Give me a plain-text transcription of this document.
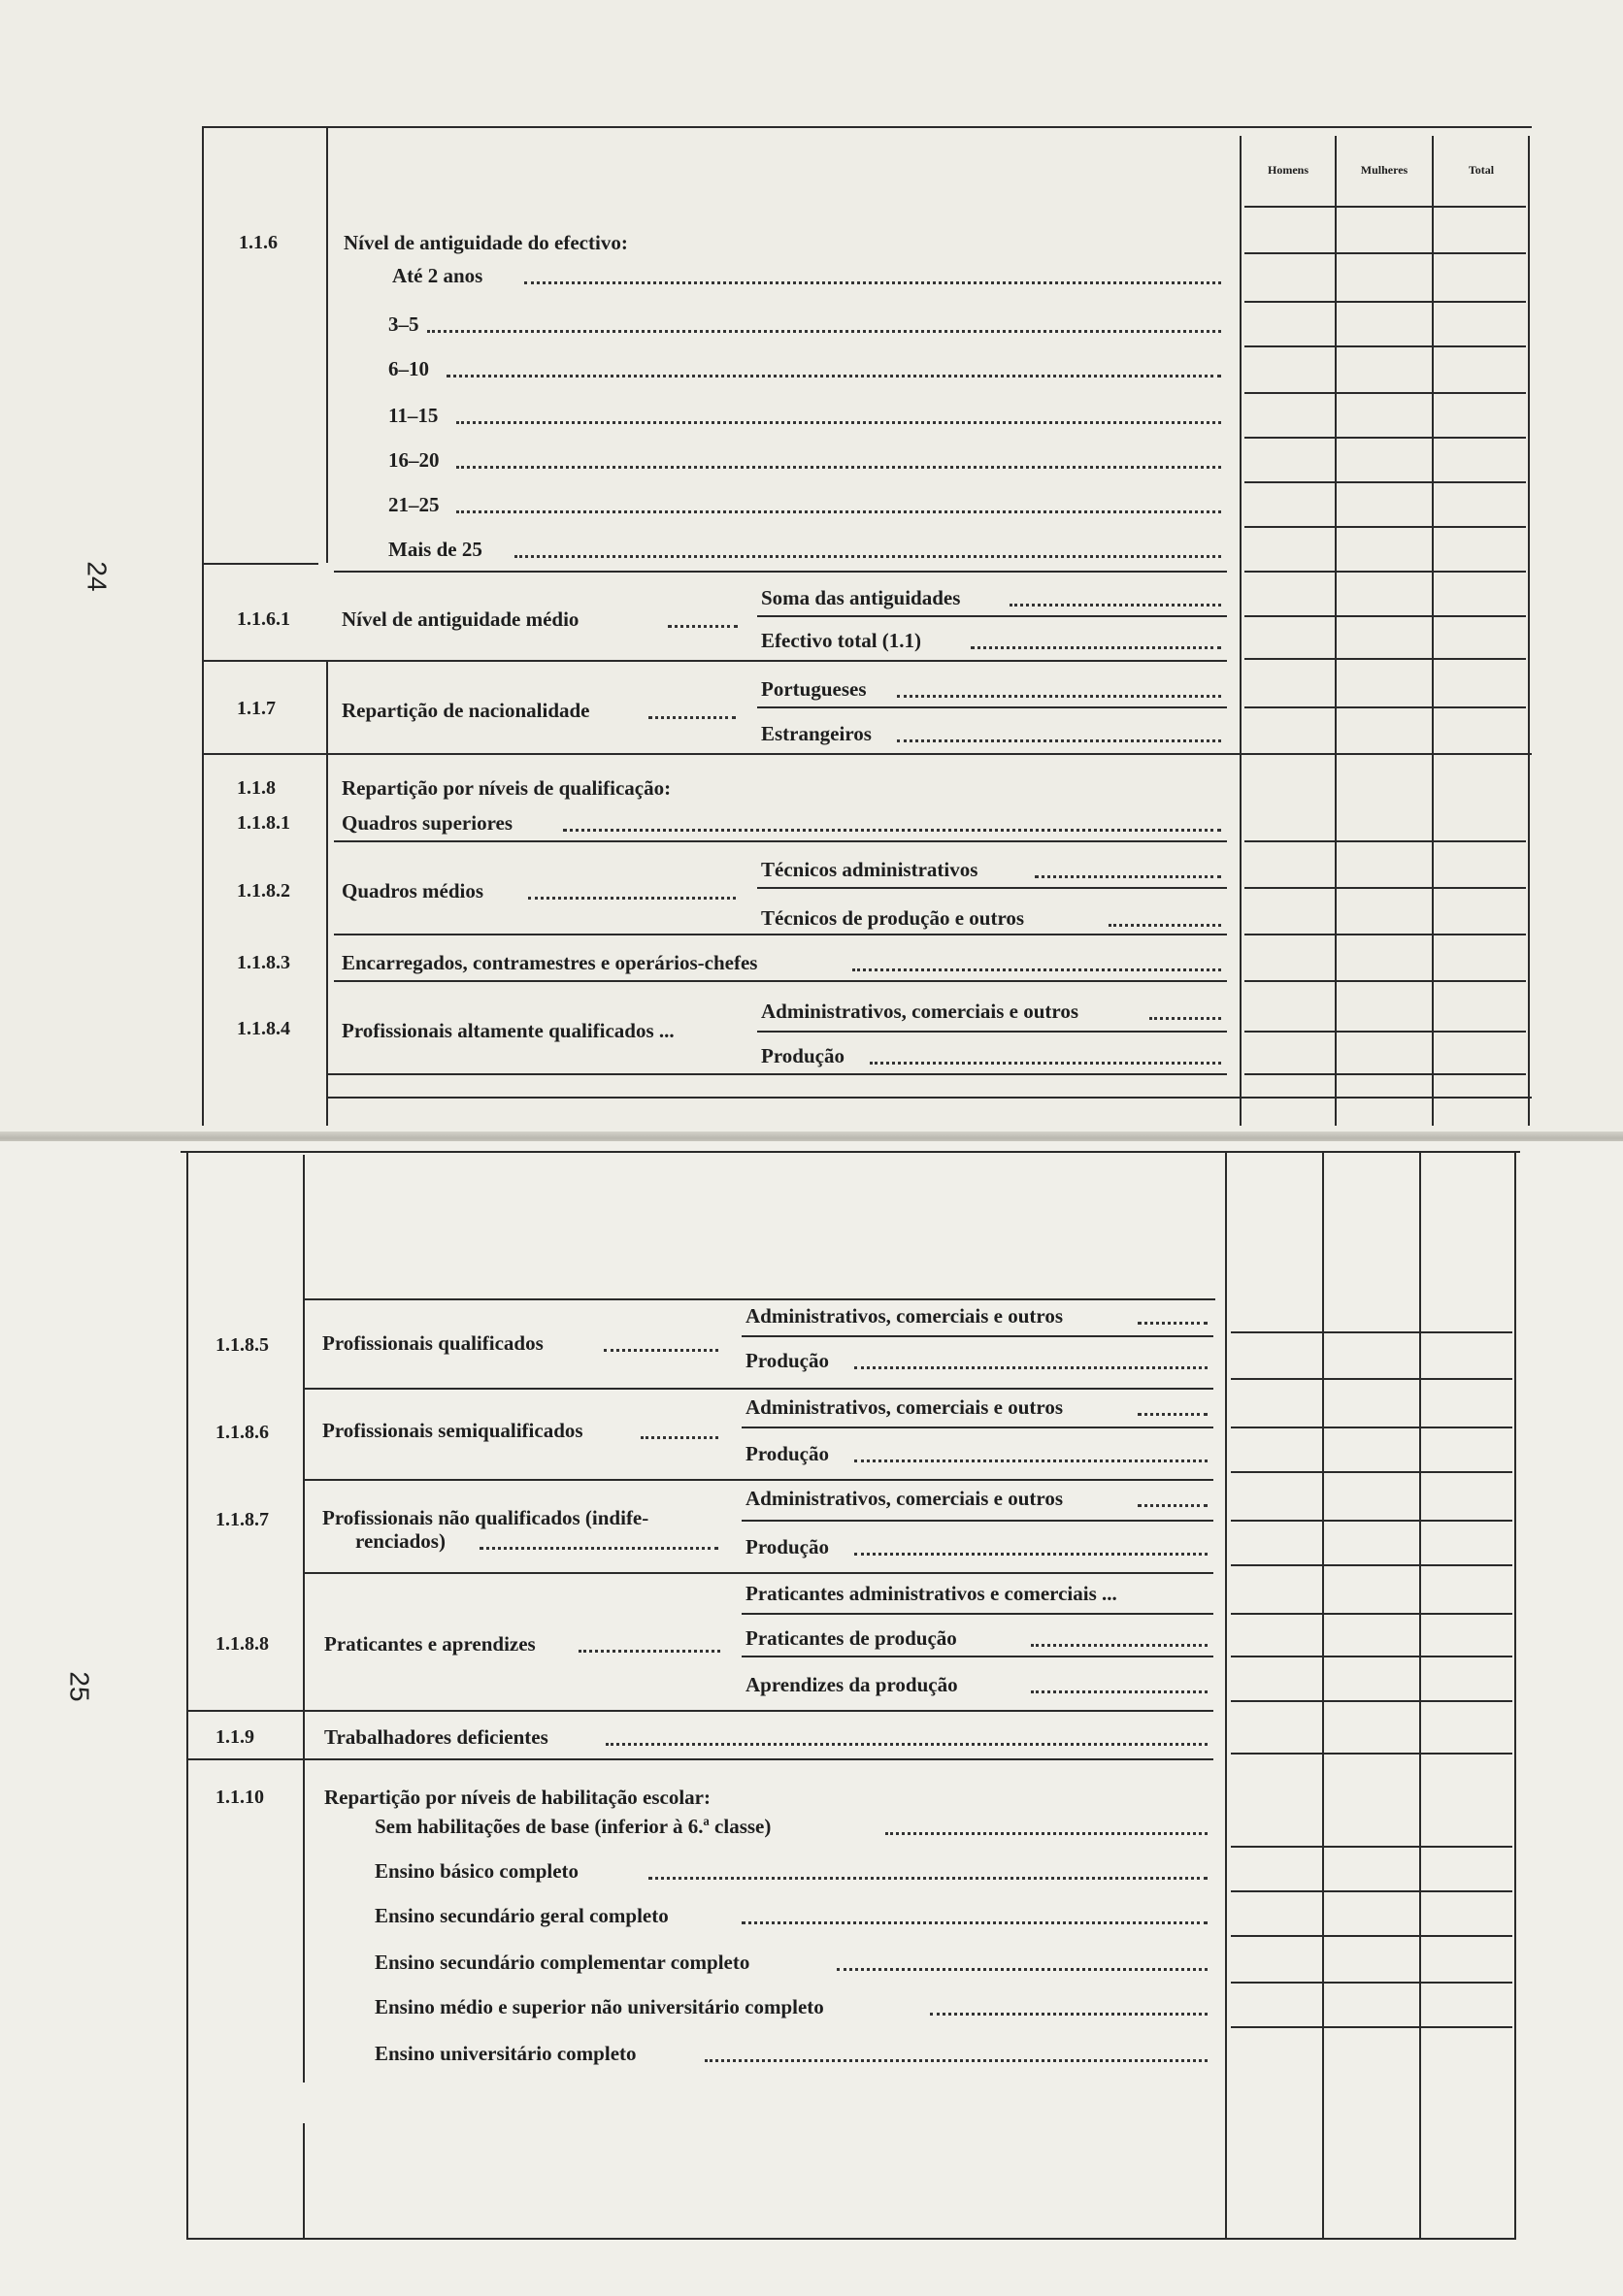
Homens	Mulheres	Total
1.1.6	Nível de antiguidade do efectivo:
Até 2 anos
3–5
6–10
11–15
16–20
21–25
Mais de 25
1.1.6.1	Nível de antiguidade médio
Soma das antiguidades
Efectivo total (1.1)
1.1.7	Repartição de nacionalidade
Portugueses
Estrangeiros
1.1.8	Repartição por níveis de qualificação:
1.1.8.1	Quadros superiores
1.1.8.2	Quadros médios
Técnicos administrativos
Técnicos de produção e outros
1.1.8.3	Encarregados, contramestres e operários-chefes
1.1.8.4	Profissionais altamente qualificados ...
Administrativos, comerciais e outros
Produção
24
1.1.8.5	Profissionais qualificados
Administrativos, comerciais e outros
Produção
1.1.8.6	Profissionais semiqualificados
Administrativos, comerciais e outros
Produção
1.1.8.7	Profissionais não qualificados (indife-
renciados)
Administrativos, comerciais e outros
Produção
1.1.8.8	Praticantes e aprendizes
Praticantes administrativos e comerciais ...
Praticantes de produção
Aprendizes da produção
1.1.9	Trabalhadores deficientes
1.1.10	Repartição por níveis de habilitação escolar:
Sem habilitações de base (inferior à 6.ª classe)
Ensino básico completo
Ensino secundário geral completo
Ensino secundário complementar completo
Ensino médio e superior não universitário completo
Ensino universitário completo
25
